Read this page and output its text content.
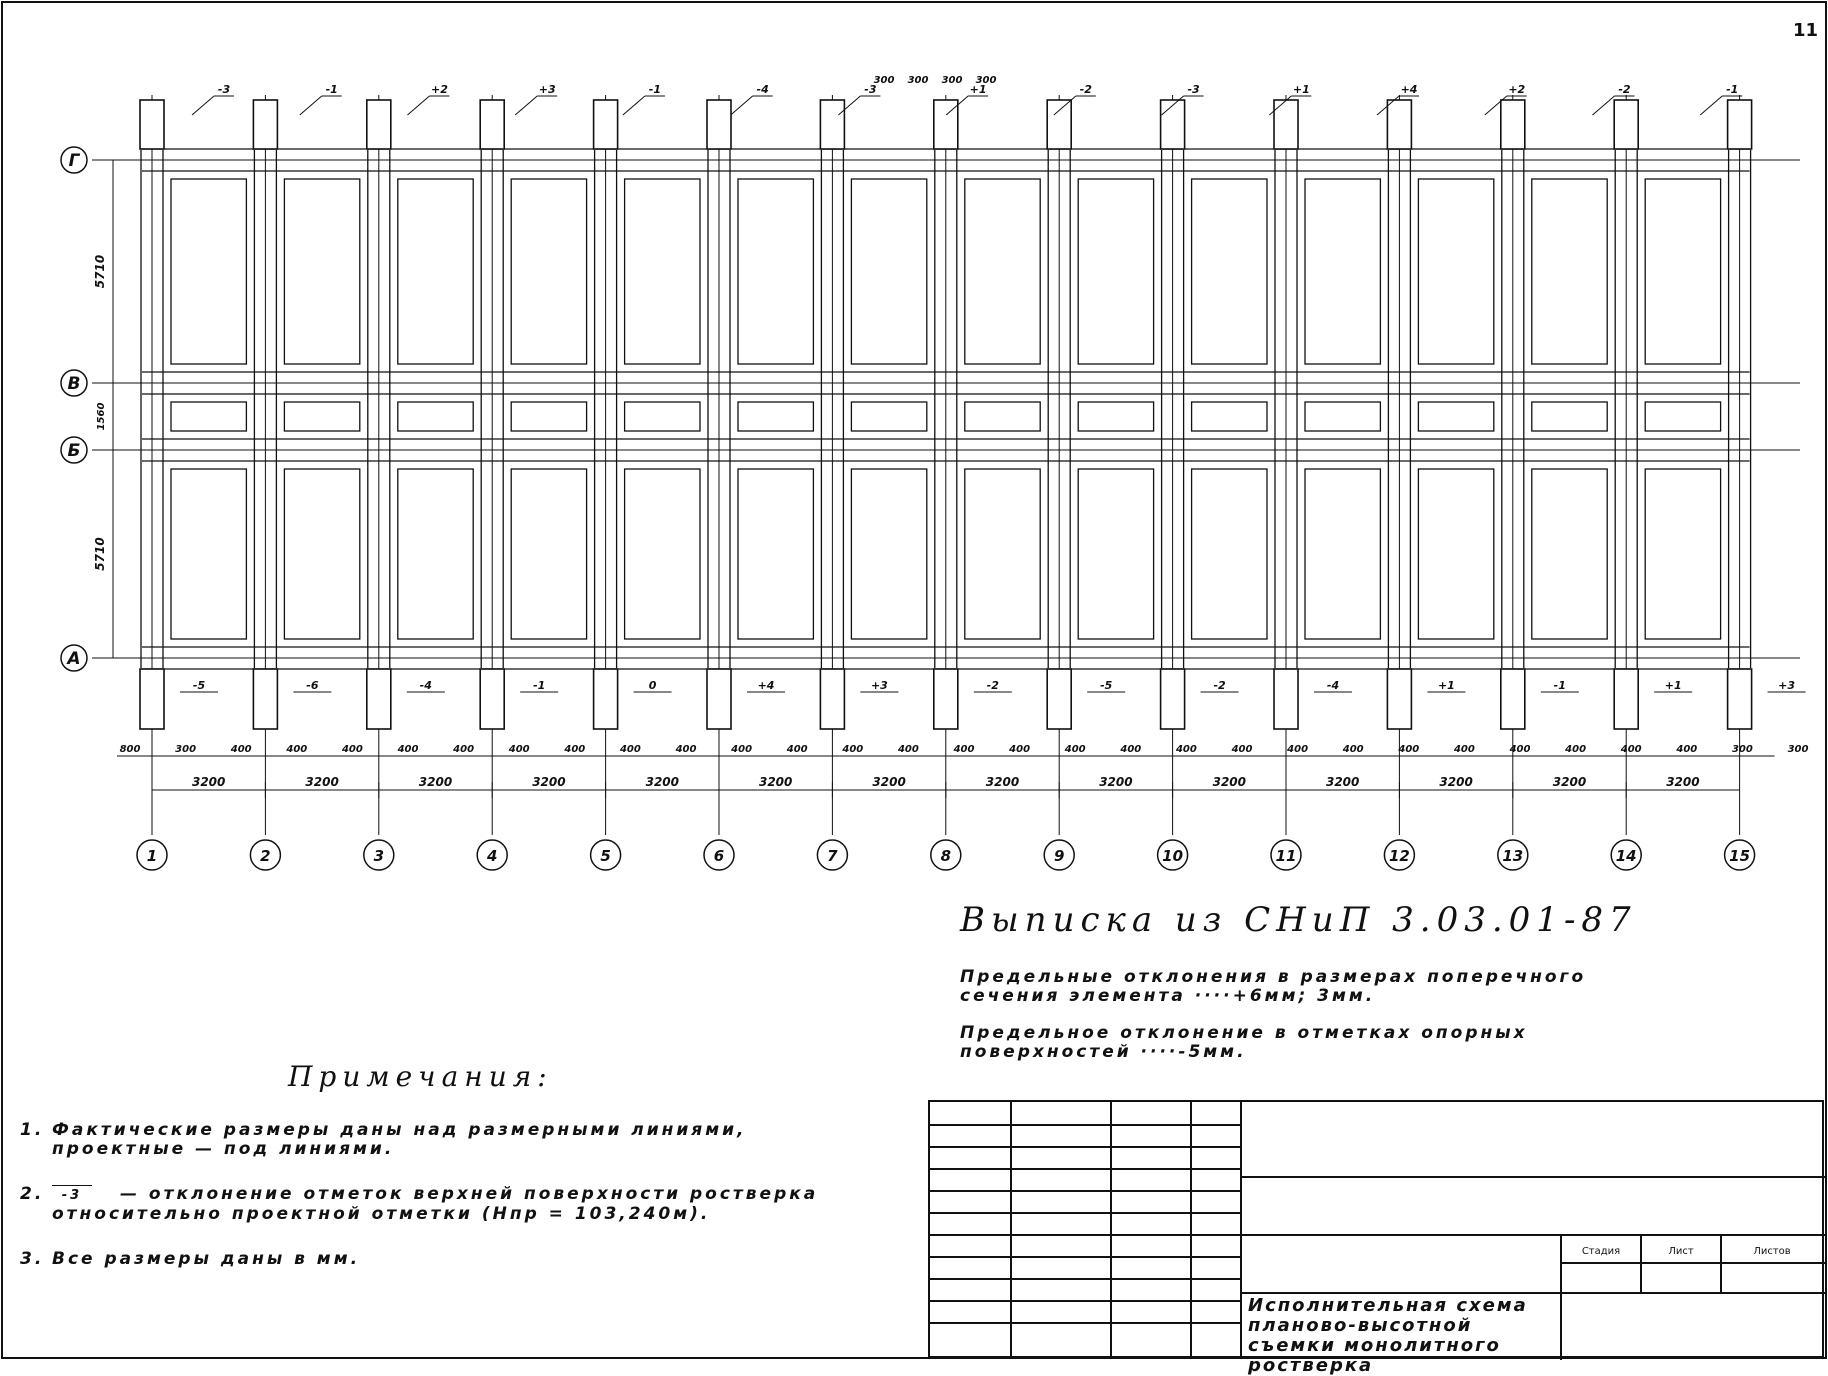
11
Г
В
Б
А
1	2	3	4	5	6	7	8	9	10	11	12	13	14	15
-3	-1	+2	+3	-1	-4	-3	+1	-2	-3	+1	+4	+2	-2	-1
-5	-6	-4	-1	0	+4	+3	-2	-5	-2	-4	+1	-1	+1	+3
3200	3200	3200	3200	3200	3200	3200	3200	3200	3200	3200	3200	3200	3200
800	300	400	400	400	400	400	400	400	400	400	400	400	400	400	400	400	400	400	400	400	400	400	400	400	400	400	400	400	300	300
300 300 300 300
5710
1560
5710
Выписка из СНиП 3.03.01-87
Предельные отклонения в размерах поперечного сечения элемента ····+6мм; 3мм.
Предельное отклонение в отметках опорных поверхностей ····-5мм.
Примечания:
1. Фактические размеры даны над размерными линиями, проектные — под линиями.
2.	-3 — отклонение отметок верхней поверхности ростверка относительно проектной отметки (Нпр = 103,240м).
3. Все размеры даны в мм.	Стадия	Лист	Листов
Исполнительная схема планово-высотной съемки монолитного ростверка
